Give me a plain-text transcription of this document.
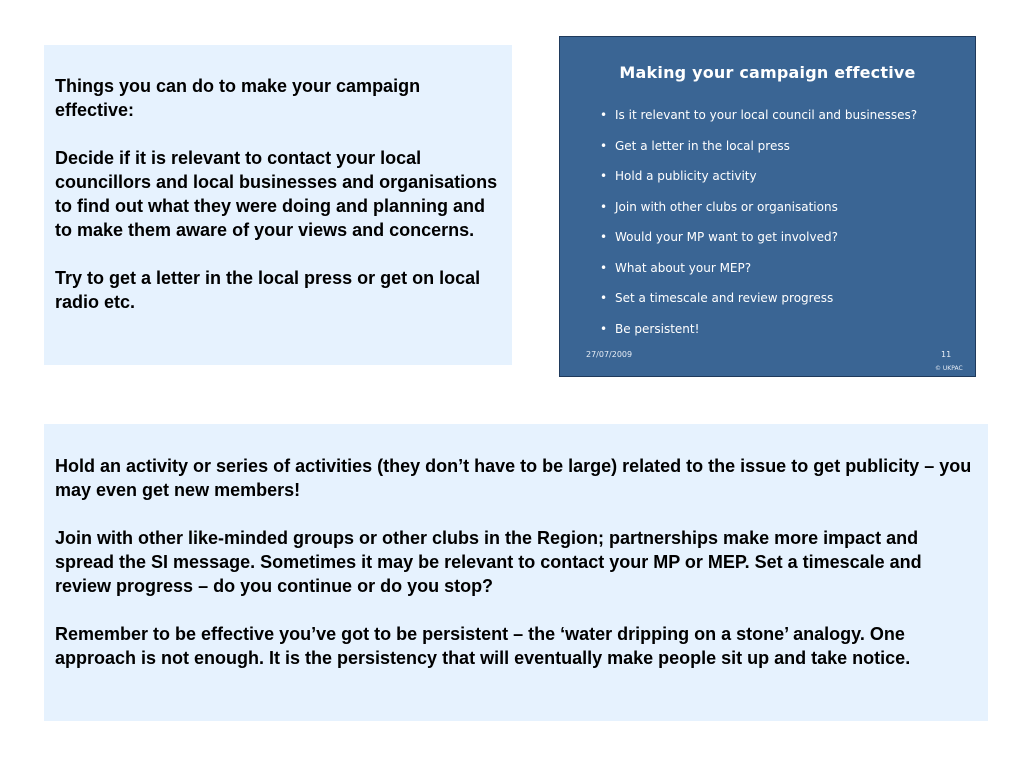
Things you can do to make your campaign effective:

Decide if it is relevant to contact your local councillors and local businesses and organisations to find out what they were doing and planning and to make them aware of your views and concerns.

Try to get a letter in the local press or get on local radio etc.

Making your campaign effective
• Is it relevant to your local council and businesses?
• Get a letter in the local press
• Hold a publicity activity
• Join with other clubs or organisations
• Would your MP want to get involved?
• What about your MEP?
• Set a timescale and review progress
• Be persistent!
27/07/2009	11
© UKPAC

Hold an activity or series of activities (they don’t have to be large) related to the issue to get publicity – you may even get new members!

Join with other like-minded groups or other clubs in the Region; partnerships make more impact and spread the SI message. Sometimes it may be relevant to contact your MP or MEP. Set a timescale and review progress – do you continue or do you stop?

Remember to be effective you’ve got to be persistent – the ‘water dripping on a stone’ analogy. One approach is not enough. It is the persistency that will eventually make people sit up and take notice.
